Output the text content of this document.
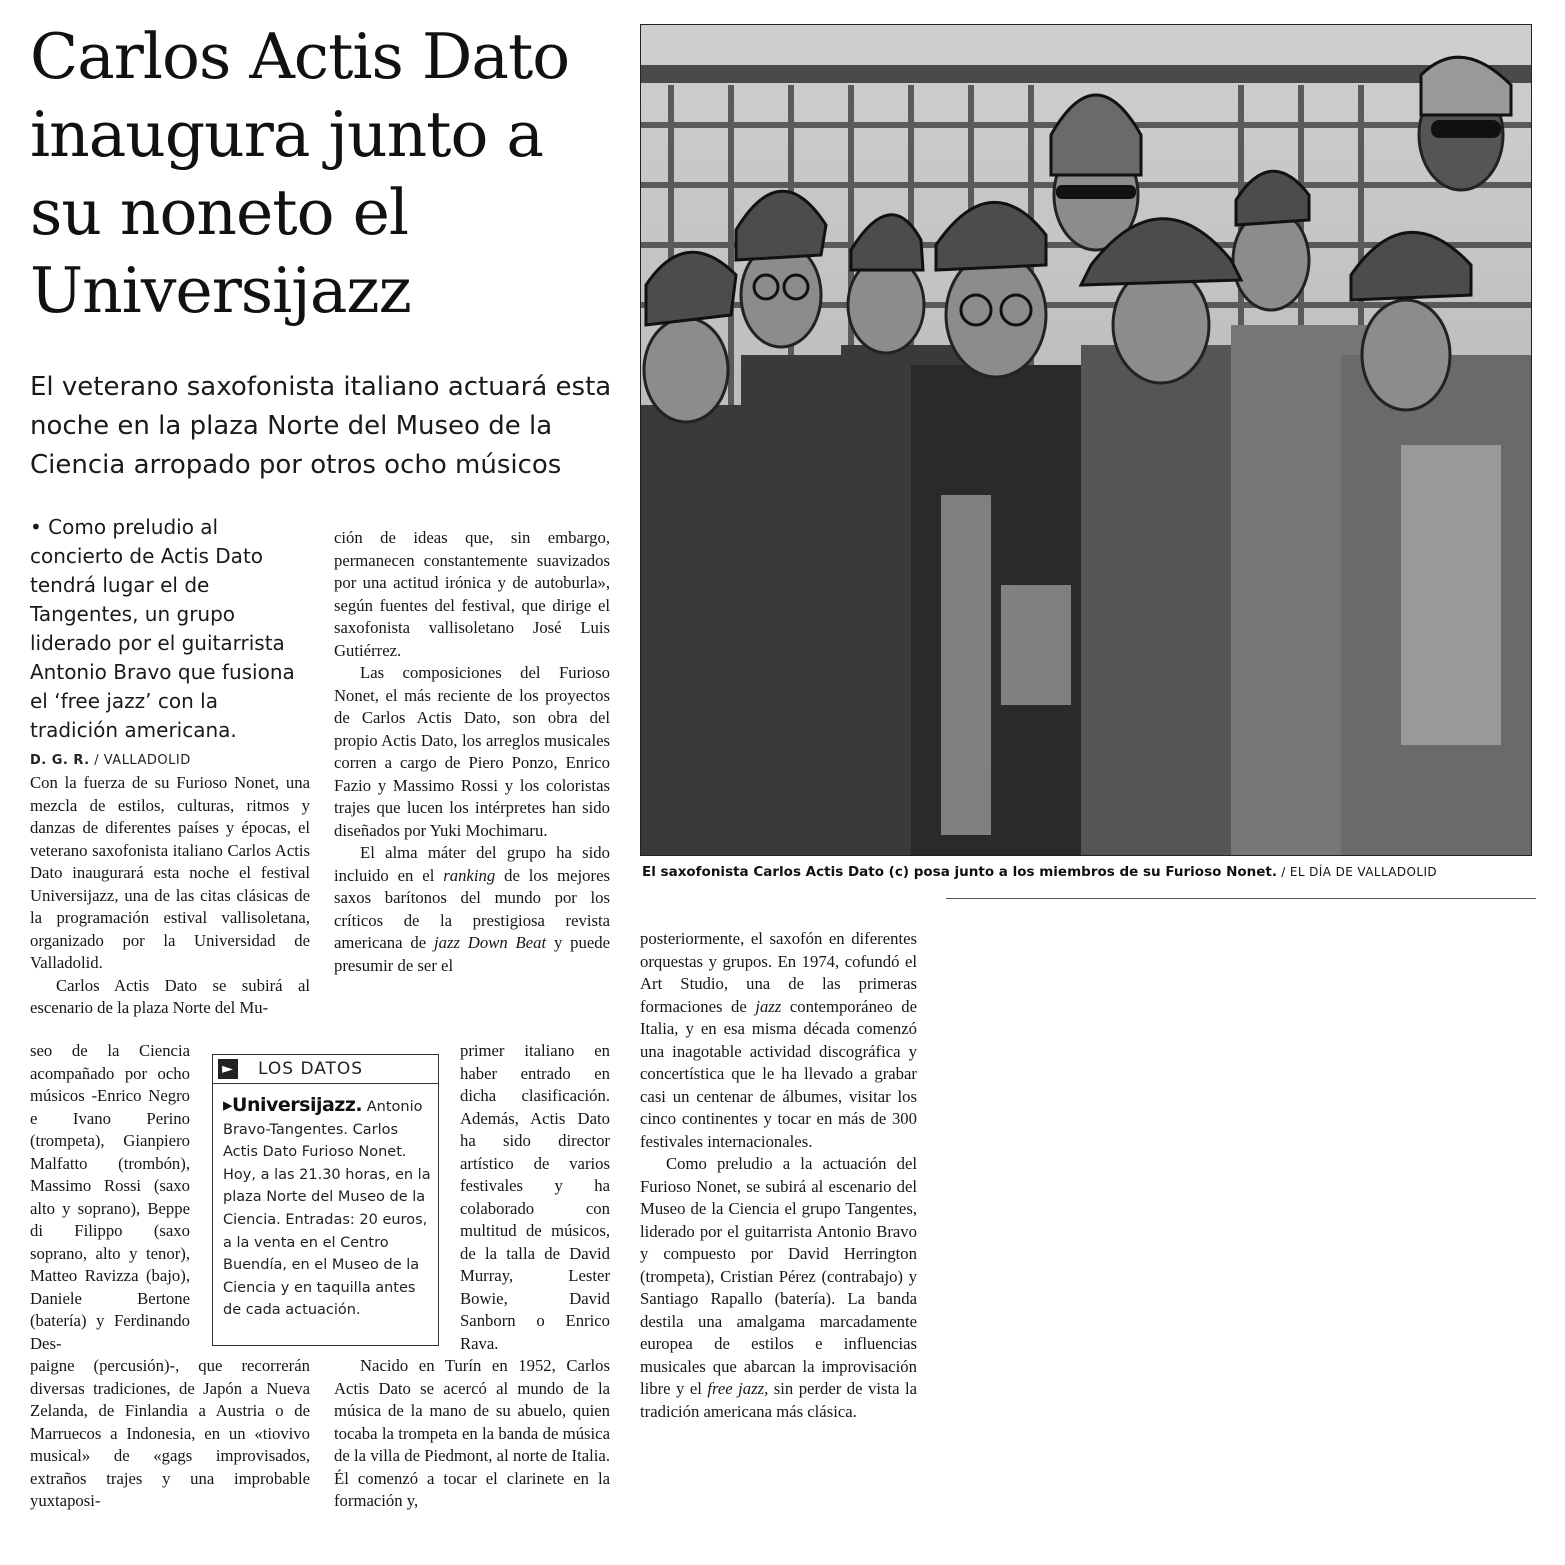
Carlos Actis Dato inaugura junto a su noneto el Universijazz
El veterano saxofonista italiano actuará esta noche en la plaza Norte del Museo de la Ciencia arropado por otros ocho músicos
• Como preludio al concierto de Actis Dato tendrá lugar el de Tangentes, un grupo liderado por el guitarrista Antonio Bravo que fusiona el ‘free jazz’ con la tradición americana.
D. G. R. / VALLADOLID

Con la fuerza de su Furioso Nonet, una mezcla de estilos, culturas, ritmos y danzas de diferentes países y épocas, el veterano saxofonista italiano Carlos Actis Dato inaugurará esta noche el festival Universijazz, una de las citas clásicas de la programación estival vallisoletana, organizado por la Universidad de Valladolid.

Carlos Actis Dato se subirá al escenario de la plaza Norte del Mu-

seo de la Ciencia acompañado por ocho músicos -Enrico Negro e Ivano Perino (trompeta), Gianpiero Malfatto (trombón), Massimo Rossi (saxo alto y soprano), Beppe di Filippo (saxo soprano, alto y tenor), Matteo Ravizza (bajo), Daniele Bertone (batería) y Ferdinando Des-

paigne (percusión)-, que recorrerán diversas tradiciones, de Japón a Nueva Zelanda, de Finlandia a Austria o de Marruecos a Indonesia, en un «tiovivo musical» de «gags improvisados, extraños trajes y una improbable yuxtaposi-

ción de ideas que, sin embargo, permanecen constantemente suavizados por una actitud irónica y de autoburla», según fuentes del festival, que dirige el saxofonista vallisoletano José Luis Gutiérrez.

Las composiciones del Furioso Nonet, el más reciente de los proyectos de Carlos Actis Dato, son obra del propio Actis Dato, los arreglos musicales corren a cargo de Piero Ponzo, Enrico Fazio y Massimo Rossi y los coloristas trajes que lucen los intérpretes han sido diseñados por Yuki Mochimaru.

El alma máter del grupo ha sido incluido en el ranking de los mejores saxos barítonos del mundo por los críticos de la prestigiosa revista americana de jazz Down Beat y puede presumir de ser el

primer italiano en haber entrado en dicha clasificación. Además, Actis Dato ha sido director artístico de varios festivales y ha colaborado con multitud de músicos, de la talla de David Murray, Lester Bowie, David Sanborn o Enrico Rava.

Nacido en Turín en 1952, Carlos Actis Dato se acercó al mundo de la música de la mano de su abuelo, quien tocaba la trompeta en la banda de música de la villa de Piedmont, al norte de Italia. Él comenzó a tocar el clarinete en la formación y,

posteriormente, el saxofón en diferentes orquestas y grupos. En 1974, cofundó el Art Studio, una de las primeras formaciones de jazz contemporáneo de Italia, y en esa misma década comenzó una inagotable actividad discográfica y concertística que le ha llevado a grabar casi un centenar de álbumes, visitar los cinco continentes y tocar en más de 300 festivales internacionales.

Como preludio a la actuación del Furioso Nonet, se subirá al escenario del Museo de la Ciencia el grupo Tangentes, liderado por el guitarrista Antonio Bravo y compuesto por David Herrington (trompeta), Cristian Pérez (contrabajo) y Santiago Rapallo (batería). La banda destila una amalgama marcadamente europea de estilos e influencias musicales que abarcan la improvisación libre y el free jazz, sin perder de vista la tradición americana más clásica.

► LOS DATOS
▸Universijazz. Antonio Bravo-Tangentes. Carlos Actis Dato Furioso Nonet. Hoy, a las 21.30 horas, en la plaza Norte del Museo de la Ciencia. Entradas: 20 euros, a la venta en el Centro Buendía, en el Museo de la Ciencia y en taquilla antes de cada actuación.
El saxofonista Carlos Actis Dato (c) posa junto a los miembros de su Furioso Nonet. / EL DÍA DE VALLADOLID
